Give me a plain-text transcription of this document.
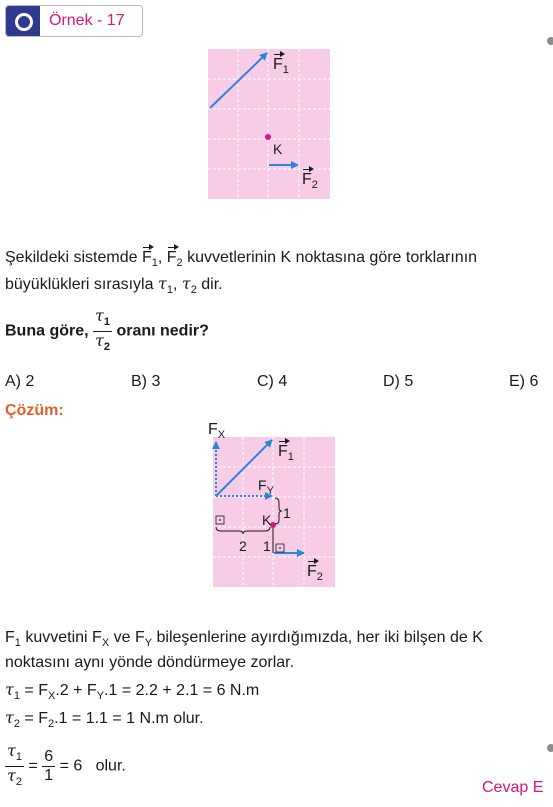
Örnek - 17
$F_1$
K
$F_2$
Şekildeki sistemde $F_1$, $F_2$ kuvvetlerinin K noktasına göre torklarının
büyüklükleri sırasıyla $\tau_1$, $\tau_2$ dir.
Buna göre, $\frac{\tau_1}{\tau_2}$ oranı nedir?
A) 2	B) 3	C) 4	D) 5	E) 6
Çözüm:
$F_X$
$F_1$
$F_Y$
1
K
2 1
$F_2$
$F_1$ kuvvetini $F_X$ ve $F_Y$ bileşenlerine ayırdığımızda, her iki bilşen de K
noktasını aynı yönde döndürmeye zorlar.
$\tau_1 = F_X.2 + F_Y.1 = 2.2 + 2.1 = 6$ N.m
$\tau_2 = F_2.1 = 1.1 = 1$ N.m olur.
$\frac{\tau_1}{\tau_2} = \frac{6}{1} = 6$   olur.
Cevap E
